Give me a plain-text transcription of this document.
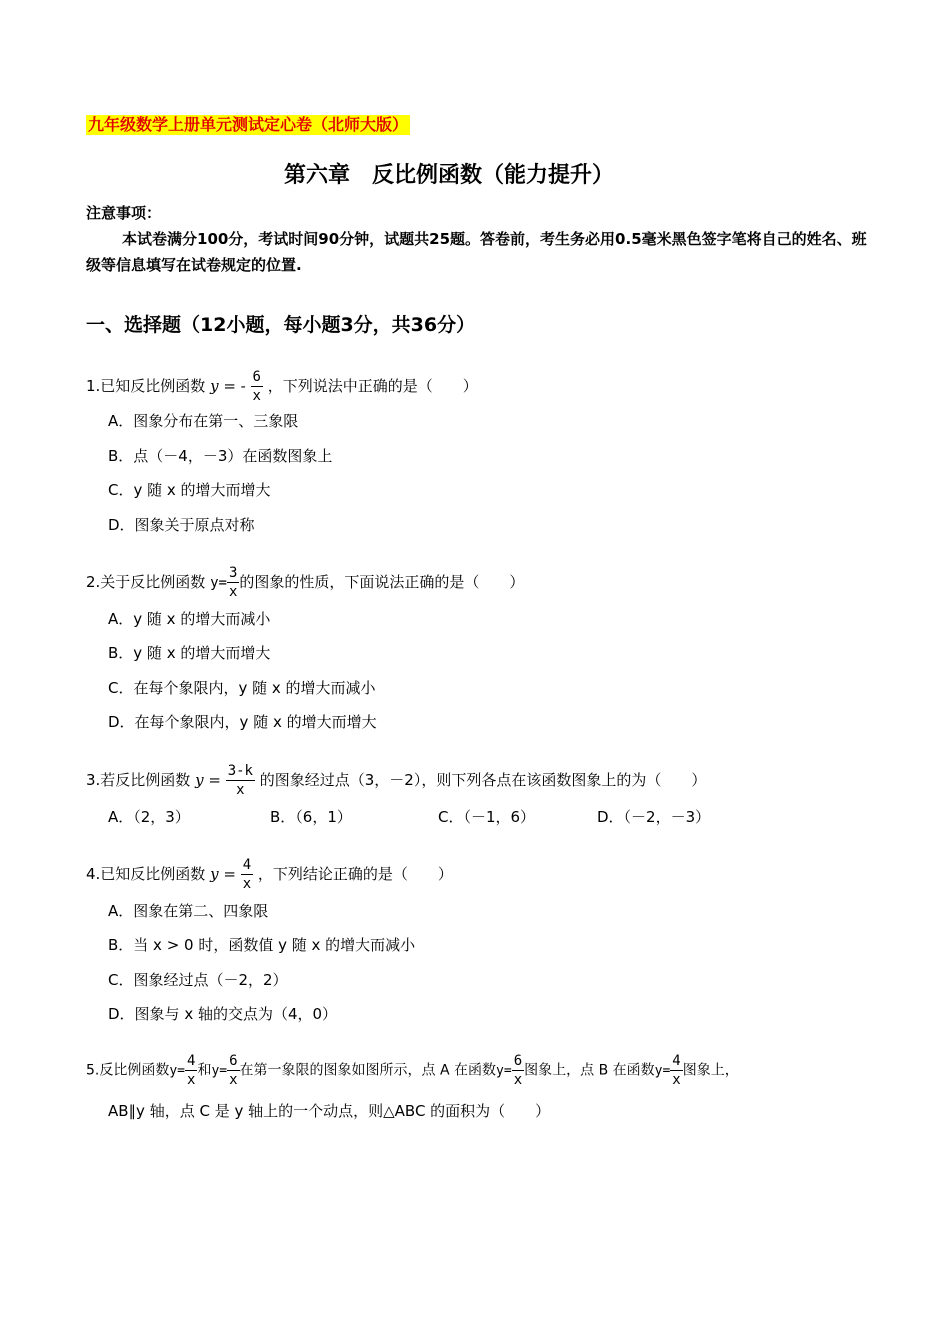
九年级数学上册单元测试定心卷（北师大版）
第六章　反比例函数（能力提升）
注意事项：
本试卷满分100分，考试时间90分钟，试题共25题。答卷前，考生务必用0.5毫米黑色签字笔将自己的姓名、班级等信息填写在试卷规定的位置.
一、选择题（12小题，每小题3分，共36分）
1.已知反比例函数 y = - $\frac{6}{x}$ ，下列说法中正确的是（　　）
A．图象分布在第一、三象限
B．点（－4，－3）在函数图象上
C．y 随 x 的增大而增大
D．图象关于原点对称
2.关于反比例函数 $y= \frac{3}{x}$ 的图象的性质，下面说法正确的是（　　）
A．y 随 x 的增大而减小
B．y 随 x 的增大而增大
C．在每个象限内，y 随 x 的增大而减小
D．在每个象限内，y 随 x 的增大而增大
3.若反比例函数 $y = \frac{3-k}{x}$ 的图象经过点（3，－2），则下列各点在该函数图象上的为（　　）
A．（2，3）	B．（6，1）	C．（－1，6）	D．（－2，－3）
4.已知反比例函数 $y = \frac{4}{x}$ ，下列结论正确的是（　　）
A．图象在第二、四象限
B．当 x > 0 时，函数值 y 随 x 的增大而减小
C．图象经过点（－2，2）
D．图象与 x 轴的交点为（4，0）
5.反比例函数$y= \frac{4}{x}$ 和$y= \frac{6}{x}$ 在第一象限的图象如图所示，点 A 在函数$y= \frac{6}{x}$ 图象上，点 B 在函数$y= \frac{4}{x}$ 图象上，
AB∥y 轴，点 C 是 y 轴上的一个动点，则△ABC 的面积为（　　）
